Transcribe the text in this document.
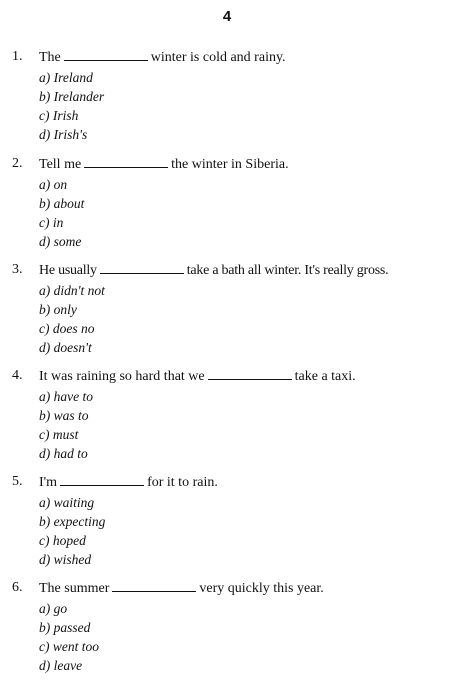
4
1. The	winter is cold and rainy.
a) Ireland
b) Irelander
c) Irish
d) Irish's
2. Tell me	the winter in Siberia.
a) on
b) about
c) in
d) some
3. He usually	take a bath all winter. It's really gross.
a) didn't not
b) only
c) does no
d) doesn't
4. It was raining so hard that we	take a taxi.
a) have to
b) was to
c) must
d) had to
5. I'm	for it to rain.
a) waiting
b) expecting
c) hoped
d) wished
6. The summer	very quickly this year.
a) go
b) passed
c) went too
d) leave
